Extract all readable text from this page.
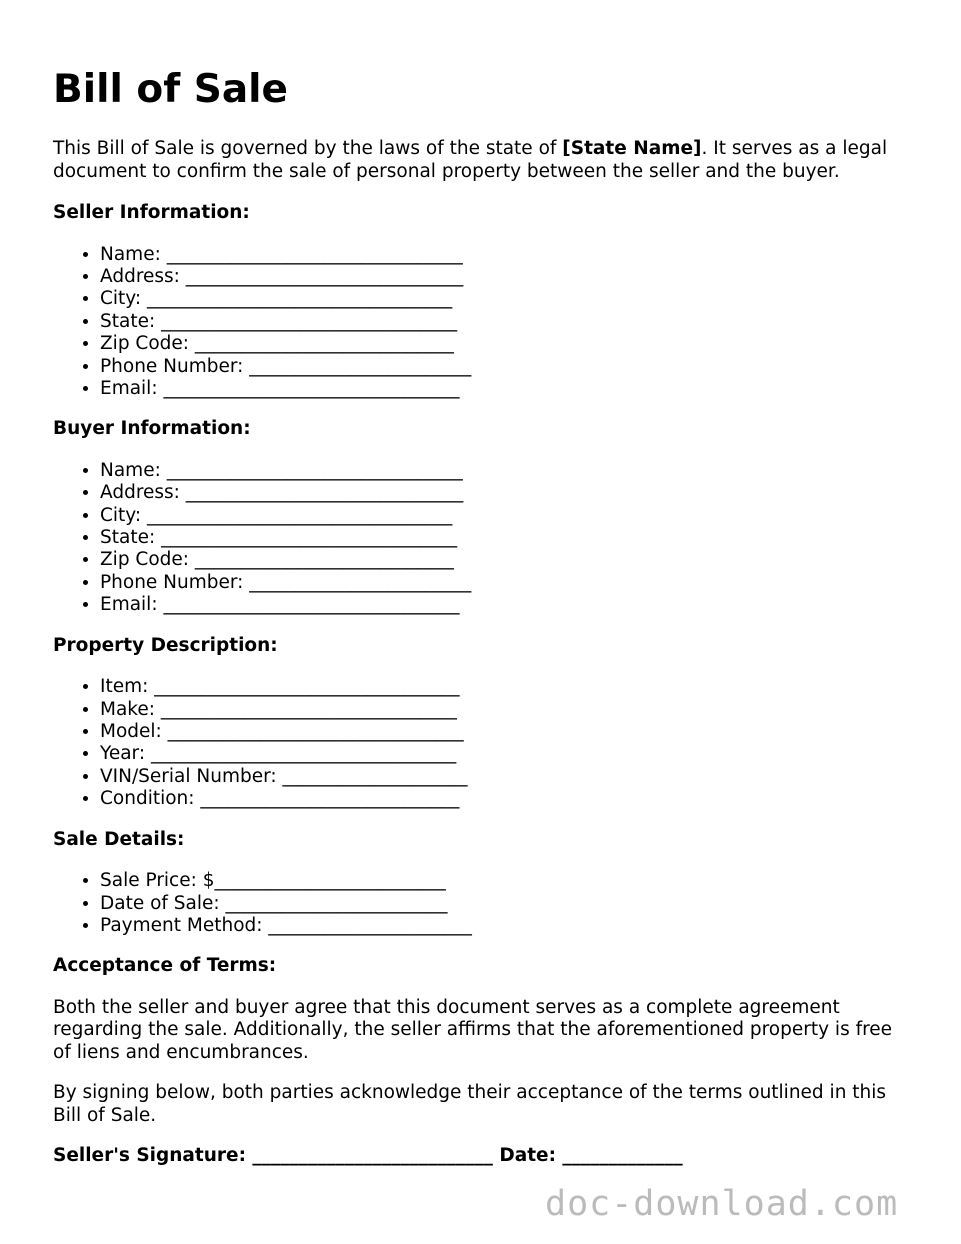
Bill of Sale

This Bill of Sale is governed by the laws of the state of [State Name]. It serves as a legal document to confirm the sale of personal property between the seller and the buyer.

Seller Information:
• Name: ________________________________
• Address: ______________________________
• City: _________________________________
• State: ________________________________
• Zip Code: ____________________________
• Phone Number: ________________________
• Email: ________________________________
Buyer Information:
• Name: ________________________________
• Address: ______________________________
• City: _________________________________
• State: ________________________________
• Zip Code: ____________________________
• Phone Number: ________________________
• Email: ________________________________
Property Description:
• Item: _________________________________
• Make: ________________________________
• Model: ________________________________
• Year: _________________________________
• VIN/Serial Number: ____________________
• Condition: ____________________________
Sale Details:
• Sale Price: $_________________________
• Date of Sale: ________________________
• Payment Method: ______________________
Acceptance of Terms:

Both the seller and buyer agree that this document serves as a complete agreement regarding the sale. Additionally, the seller affirms that the aforementioned property is free of liens and encumbrances.

By signing below, both parties acknowledge their acceptance of the terms outlined in this Bill of Sale.

Seller's Signature: __________________________ Date: _____________
doc-download.com
